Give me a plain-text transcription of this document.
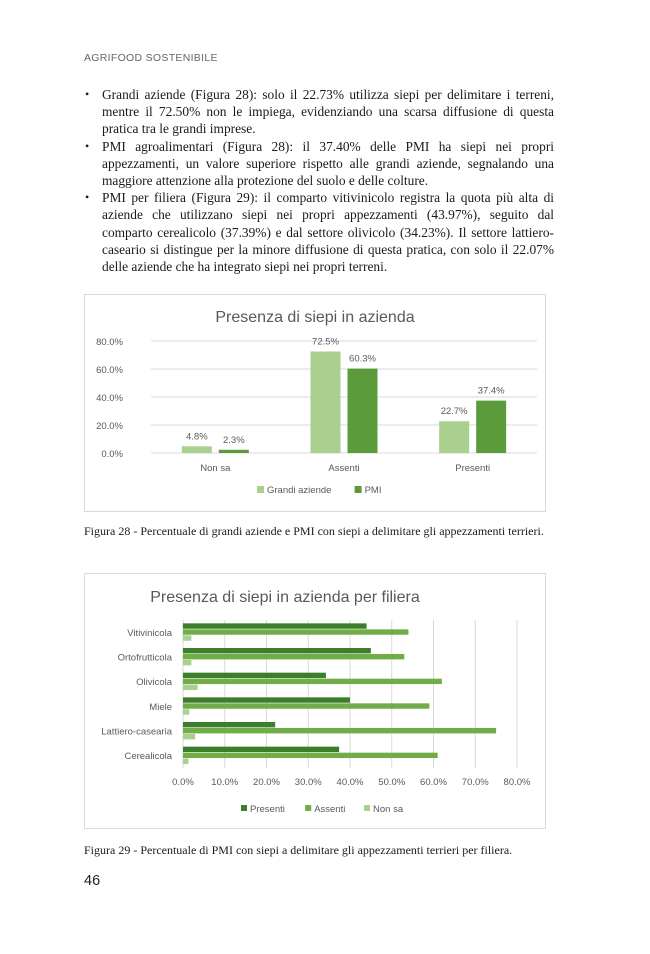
AGRIFOOD SOSTENIBILE
• Grandi aziende (Figura 28): solo il 22.73% utilizza siepi per delimitare i terreni, mentre il 72.50% non le impiega, evidenziando una scarsa diffusione di questa pratica tra le grandi imprese.
• PMI agroalimentari (Figura 28): il 37.40% delle PMI ha siepi nei propri appezzamenti, un valore superiore rispetto alle grandi aziende, segnalando una maggiore attenzione alla protezione del suolo e delle colture.
• PMI per filiera (Figura 29): il comparto vitivinicolo registra la quota più alta di aziende che utilizzano siepi nei propri appezzamenti (43.97%), seguito dal comparto cerealicolo (37.39%) e dal settore olivicolo (34.23%). Il settore lattiero-caseario si distingue per la minore diffusione di questa pratica, con solo il 22.07% delle aziende che ha integrato siepi nei propri terreni.
Presenza di siepi in azienda
0.0%
20.0%
40.0%
60.0%
80.0%
Non sa
4.8% 2.3%
Assenti
72.5%
60.3%
Presenti
22.7%
37.4%
Grandi aziende	PMI
Figura 28 - Percentuale di grandi aziende e PMI con siepi a delimitare gli appezzamenti terrieri.
Presenza di siepi in azienda per filiera
0.0% 10.0% 20.0% 30.0% 40.0% 50.0% 60.0% 70.0% 80.0%
Vitivinicola
Ortofrutticola
Olivicola
Miele
Lattiero-casearia
Cerealicola
Presenti	Assenti	Non sa
Figura 29 - Percentuale di PMI con siepi a delimitare gli appezzamenti terrieri per filiera.
46
